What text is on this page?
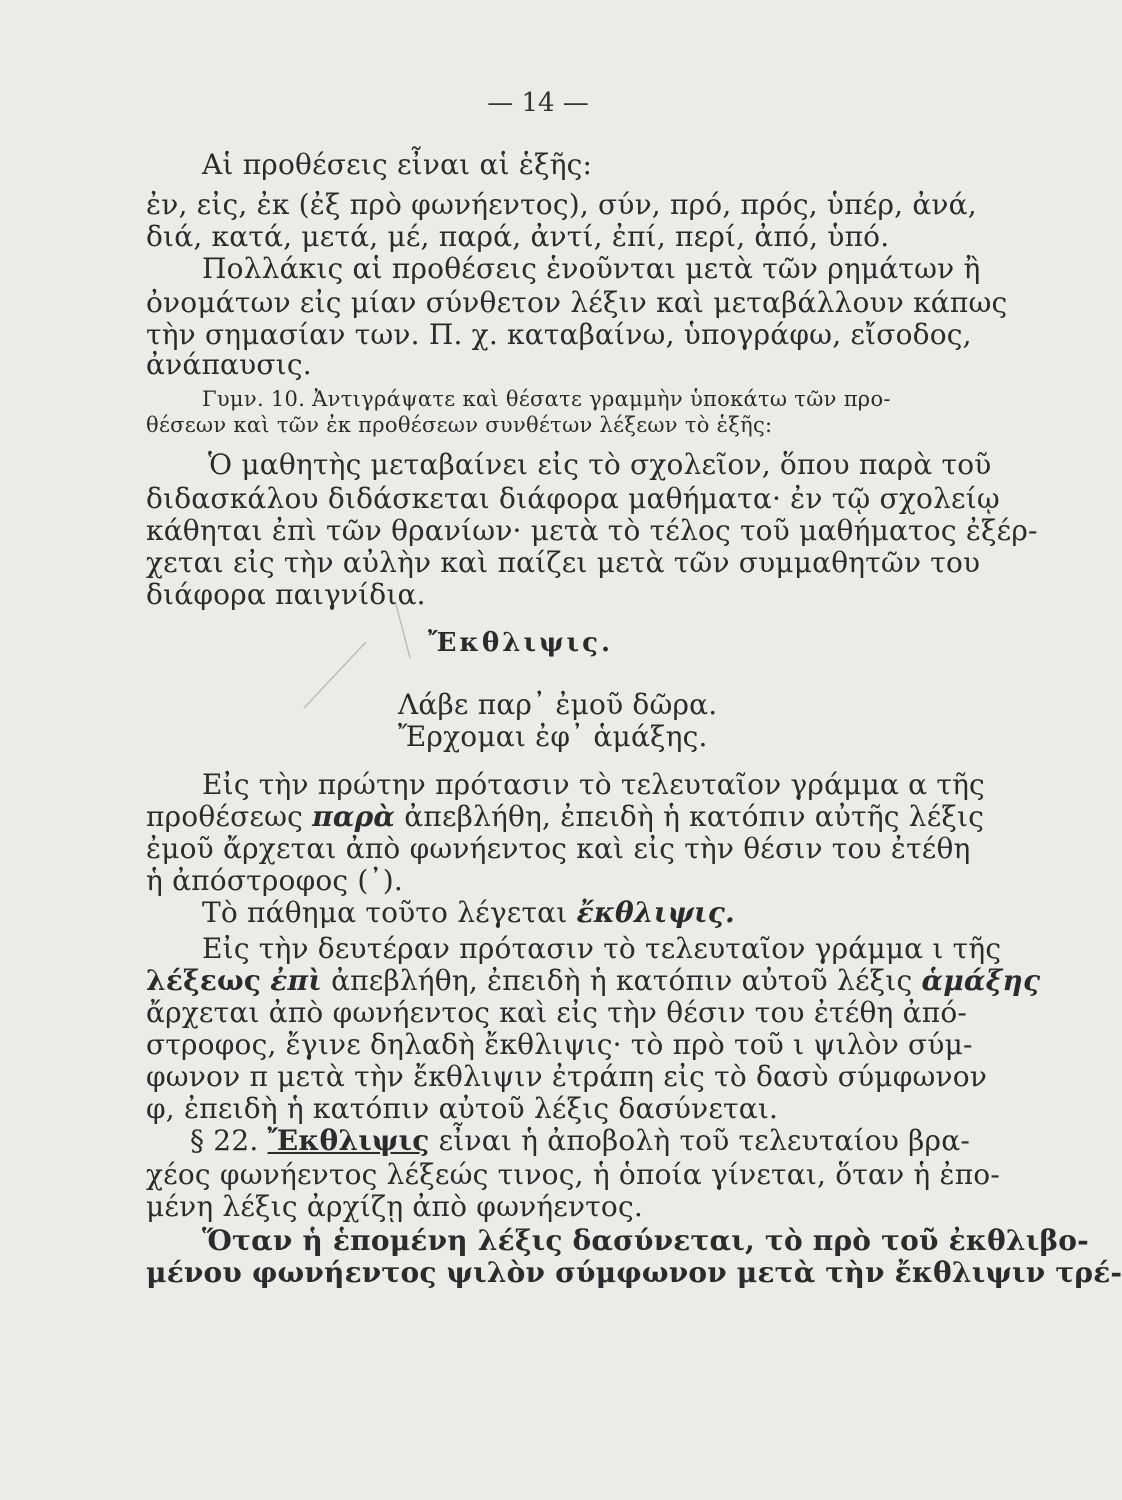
— 14 —
Αἱ προθέσεις εἶναι αἱ ἑξῆς:
ἐν, εἰς, ἐκ (ἐξ πρὸ φωνήεντος), σύν, πρό, πρός, ὑπέρ, ἀνά,
διά, κατά, μετά, μέ, παρά, ἀντί, ἐπί, περί, ἀπό, ὑπό.
Πολλάκις αἱ προθέσεις ἑνοῦνται μετὰ τῶν ρημάτων ἢ
ὀνομάτων εἰς μίαν σύνθετον λέξιν καὶ μεταβάλλουν κάπως
τὴν σημασίαν των. Π. χ. καταβαίνω, ὑπογράφω, εἴσοδος,
ἀνάπαυσις.
Γυμν. 10. Ἀντιγράψατε καὶ θέσατε γραμμὴν ὑποκάτω τῶν προ-
θέσεων καὶ τῶν ἐκ προθέσεων συνθέτων λέξεων τὸ ἑξῆς:
Ὁ μαθητὴς μεταβαίνει εἰς τὸ σχολεῖον, ὅπου παρὰ τοῦ
διδασκάλου διδάσκεται διάφορα μαθήματα· ἐν τῷ σχολείῳ
κάθηται ἐπὶ τῶν θρανίων· μετὰ τὸ τέλος τοῦ μαθήματος ἐξέρ-
χεται εἰς τὴν αὐλὴν καὶ παίζει μετὰ τῶν συμμαθητῶν του
διάφορα παιγνίδια.
Ἔκθλιψις.
Λάβε παρ᾽ ἐμοῦ δῶρα.
Ἔρχομαι ἐφ᾽ ἁμάξης.
Εἰς τὴν πρώτην πρότασιν τὸ τελευταῖον γράμμα α τῆς
προθέσεως παρὰ ἀπεβλήθη, ἐπειδὴ ἡ κατόπιν αὐτῆς λέξις
ἐμοῦ ἄρχεται ἀπὸ φωνήεντος καὶ εἰς τὴν θέσιν του ἐτέθη
ἡ ἀπόστροφος (᾽).
Τὸ πάθημα τοῦτο λέγεται ἔκθλιψις.
Εἰς τὴν δευτέραν πρότασιν τὸ τελευταῖον γράμμα ι τῆς
λέξεως ἐπὶ ἀπεβλήθη, ἐπειδὴ ἡ κατόπιν αὐτοῦ λέξις ἁμάξης
ἄρχεται ἀπὸ φωνήεντος καὶ εἰς τὴν θέσιν του ἐτέθη ἀπό-
στροφος, ἔγινε δηλαδὴ ἔκθλιψις· τὸ πρὸ τοῦ ι ψιλὸν σύμ-
φωνον π μετὰ τὴν ἔκθλιψιν ἐτράπη εἰς τὸ δασὺ σύμφωνον
φ, ἐπειδὴ ἡ κατόπιν αὐτοῦ λέξις δασύνεται.
§ 22. Ἔκθλιψις εἶναι ἡ ἀποβολὴ τοῦ τελευταίου βρα-
χέος φωνήεντος λέξεώς τινος, ἡ ὁποία γίνεται, ὅταν ἡ ἐπο-
μένη λέξις ἀρχίζῃ ἀπὸ φωνήεντος.
Ὅταν ἡ ἑπομένη λέξις δασύνεται, τὸ πρὸ τοῦ ἐκθλιβο-
μένου φωνήεντος ψιλὸν σύμφωνον μετὰ τὴν ἔκθλιψιν τρέ-
